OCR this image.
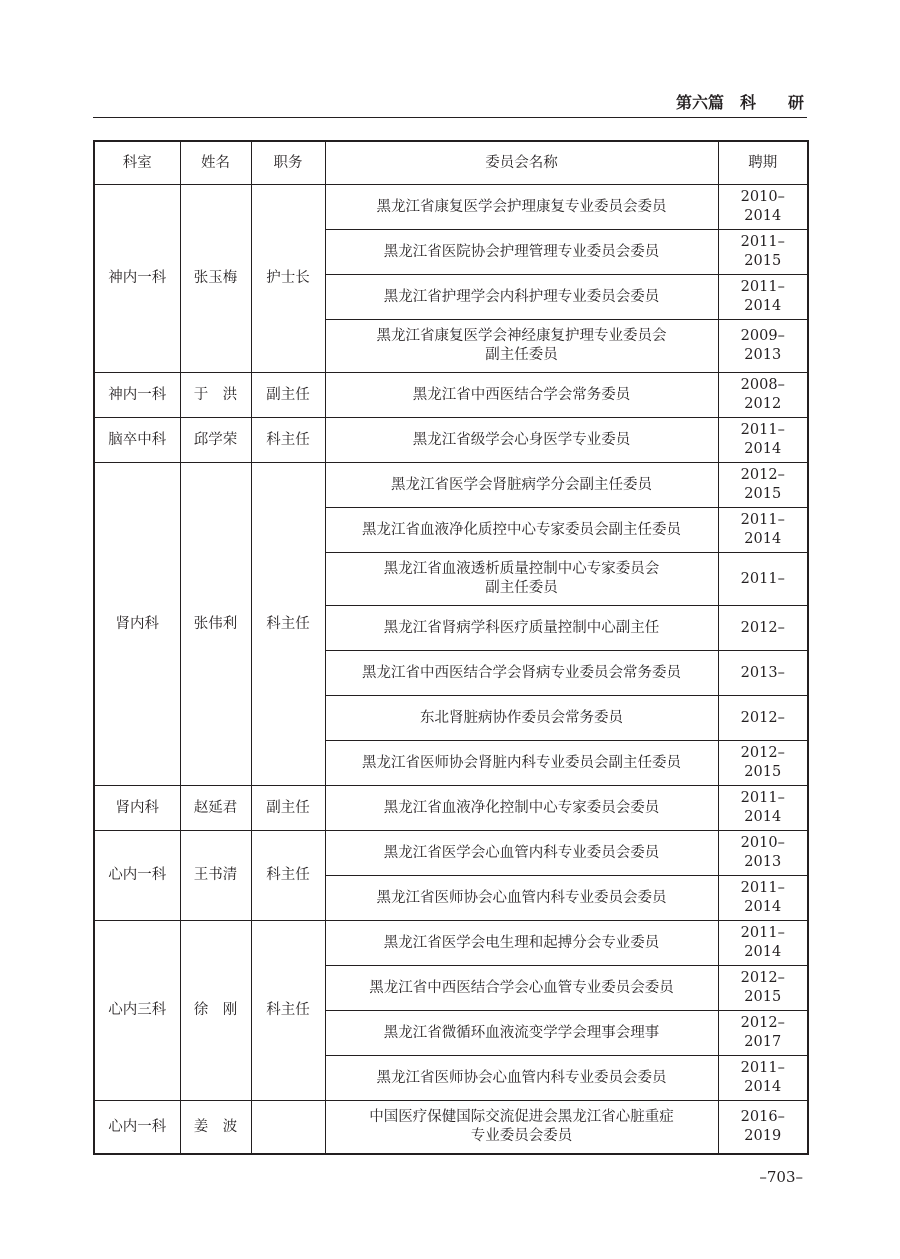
第六篇　科　　研
科室	姓名	职务	委员会名称	聘期
神内一科	张玉梅	护士长	黑龙江省康复医学会护理康复专业委员会委员	2010–2014

			黑龙江省医院协会护理管理专业委员会委员	2011–2015

			黑龙江省护理学会内科护理专业委员会委员	2011–2014

			黑龙江省康复医学会神经康复护理专业委员会
副主任委员	2009–2013
神内一科	于　洪	副主任	黑龙江省中西医结合学会常务委员	2008–2012
脑卒中科	邱学荣	科主任	黑龙江省级学会心身医学专业委员	2011–2014
肾内科	张伟利	科主任	黑龙江省医学会肾脏病学分会副主任委员	2012–2015

			黑龙江省血液净化质控中心专家委员会副主任委员	2011–2014

			黑龙江省血液透析质量控制中心专家委员会
副主任委员	2011–

			黑龙江省肾病学科医疗质量控制中心副主任	2012–

			黑龙江省中西医结合学会肾病专业委员会常务委员	2013–

			东北肾脏病协作委员会常务委员	2012–

			黑龙江省医师协会肾脏内科专业委员会副主任委员	2012–2015
肾内科	赵延君	副主任	黑龙江省血液净化控制中心专家委员会委员	2011–2014
心内一科	王书清	科主任	黑龙江省医学会心血管内科专业委员会委员	2010–2013

			黑龙江省医师协会心血管内科专业委员会委员	2011–2014
心内三科	徐　刚	科主任	黑龙江省医学会电生理和起搏分会专业委员	2011–2014

			黑龙江省中西医结合学会心血管专业委员会委员	2012–2015

			黑龙江省微循环血液流变学学会理事会理事	2012–2017

			黑龙江省医师协会心血管内科专业委员会委员	2011–2014
心内一科	姜　波		中国医疗保健国际交流促进会黑龙江省心脏重症
专业委员会委员	2016–2019
–703–
